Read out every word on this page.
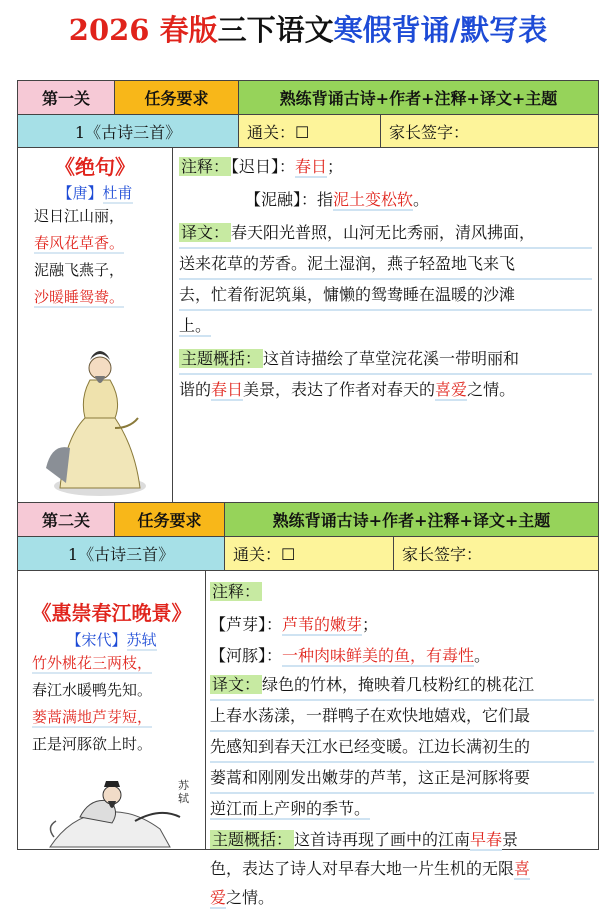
2026 春版三下语文寒假背诵/默写表
第一关	任务要求	熟练背诵古诗+作者+注释+译文+主题
1《古诗三首》	通关：☐	家长签字：
《绝句》
【唐】杜甫
迟日江山丽，
春风花草香。
泥融飞燕子，
沙暖睡鸳鸯。
注释： 【迟日】：春日；
【泥融】：指泥土变松软。
译文： 春天阳光普照，山河无比秀丽，清风拂面，
送来花草的芳香。泥土湿润，燕子轻盈地飞来飞
去，忙着衔泥筑巢，慵懒的鸳鸯睡在温暖的沙滩
上。
主题概括： 这首诗描绘了草堂浣花溪一带明丽和
谐的春日美景，表达了作者对春天的喜爱之情。
第二关	任务要求	熟练背诵古诗+作者+注释+译文+主题
1《古诗三首》	通关：☐	家长签字：
《惠崇春江晚景》
【宋代】苏轼
竹外桃花三两枝，
春江水暖鸭先知。
蒌蒿满地芦芽短，
正是河豚欲上时。
苏轼
注释：
【芦芽】：芦苇的嫩芽；
【河豚】：一种肉味鲜美的鱼，有毒性。
译文： 绿色的竹林，掩映着几枝粉红的桃花江
上春水荡漾，一群鸭子在欢快地嬉戏，它们最
先感知到春天江水已经变暖。江边长满初生的
蒌蒿和刚刚发出嫩芽的芦苇，这正是河豚将要
逆江而上产卵的季节。
主题概括： 这首诗再现了画中的江南早春景
色，表达了诗人对早春大地一片生机的无限喜
爱之情。
